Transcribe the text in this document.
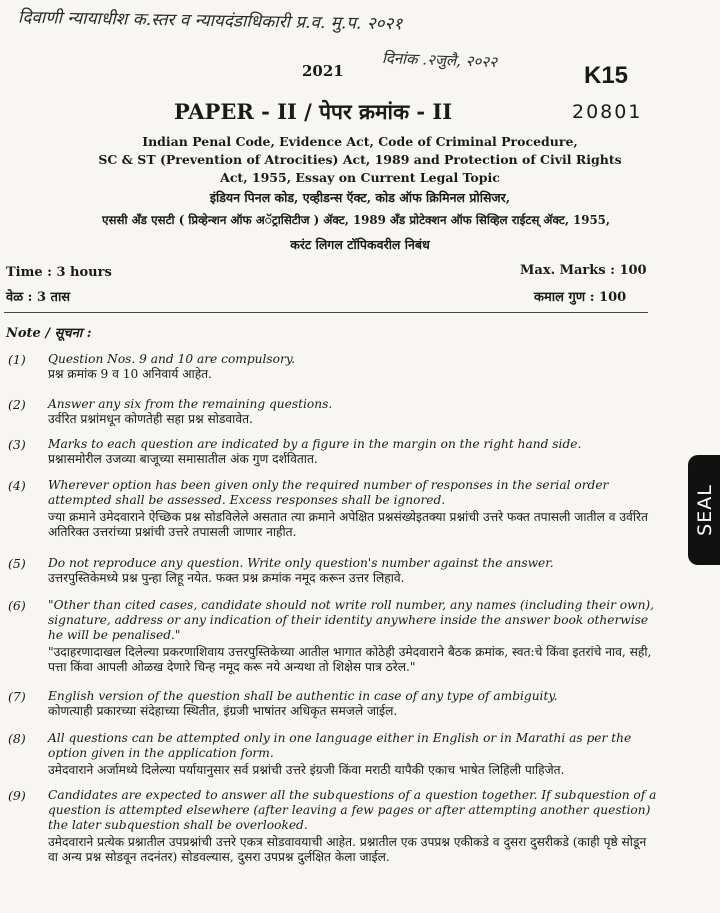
दिवाणी न्यायाधीश क.स्तर व न्यायदंडाधिकारी प्र.व. मु.प. २०२१
दिनांक .२जुलै, २०२२
2021	K15
PAPER - II / पेपर क्रमांक - II	20801
Indian Penal Code, Evidence Act, Code of Criminal Procedure,
SC & ST (Prevention of Atrocities) Act, 1989 and Protection of Civil Rights
Act, 1955, Essay on Current Legal Topic
इंडियन पिनल कोड, एव्हीडन्स ऍक्ट, कोड ऑफ क्रिमिनल प्रोसिजर,
एससी अँड एसटी ( प्रिव्हेन्शन ऑफ अॅट्रासिटीज ) ॲक्ट, 1989 अँड प्रोटेक्शन ऑफ सिव्हिल राईटस् ॲक्ट, 1955,
करंट लिगल टॉपिकवरील निबंध
Time : 3 hours
वेळ : 3 तास
Max. Marks : 100
कमाल गुण : 100
Note / सूचना :
(1) Question Nos. 9 and 10 are compulsory.
प्रश्न क्रमांक 9 व 10 अनिवार्य आहेत.
(2) Answer any six from the remaining questions.
उर्वरित प्रश्नांमधून कोणतेही सहा प्रश्न सोडवावेत.
(3) Marks to each question are indicated by a figure in the margin on the right hand side.
प्रश्नासमोरील उजव्या बाजूच्या समासातील अंक गुण दर्शवितात.
(4) Wherever option has been given only the required number of responses in the serial order attempted shall be assessed. Excess responses shall be ignored.
ज्या क्रमाने उमेदवाराने ऐच्छिक प्रश्न सोडविलेले असतात त्या क्रमाने अपेक्षित प्रश्नसंख्येइतक्या प्रश्नांची उत्तरे फक्त तपासली जातील व उर्वरित अतिरिक्त उत्तरांच्या प्रश्नांची उत्तरे तपासली जाणार नाहीत.
(5) Do not reproduce any question. Write only question's number against the answer.
उत्तरपुस्तिकेमध्ये प्रश्न पुन्हा लिहू नयेत. फक्त प्रश्न क्रमांक नमूद करून उत्तर लिहावे.
(6) "Other than cited cases, candidate should not write roll number, any names (including their own), signature, address or any indication of their identity anywhere inside the answer book otherwise he will be penalised."
"उदाहरणादाखल दिलेल्या प्रकरणाशिवाय उत्तरपुस्तिकेच्या आतील भागात कोठेही उमेदवाराने बैठक क्रमांक, स्वत:चे किंवा इतरांचे नाव, सही, पत्ता किंवा आपली ओळख देणारे चिन्ह नमूद करू नये अन्यथा तो शिक्षेस पात्र ठरेल."
(7) English version of the question shall be authentic in case of any type of ambiguity.
कोणत्याही प्रकारच्या संदेहाच्या स्थितीत, इंग्रजी भाषांतर अधिकृत समजले जाईल.
(8) All questions can be attempted only in one language either in English or in Marathi as per the option given in the application form.
उमेदवाराने अर्जामध्ये दिलेल्या पर्यायानुसार सर्व प्रश्नांची उत्तरे इंग्रजी किंवा मराठी यापैकी एकाच भाषेत लिहिली पाहिजेत.
(9) Candidates are expected to answer all the subquestions of a question together. If subquestion of a question is attempted elsewhere (after leaving a few pages or after attempting another question) the later subquestion shall be overlooked.
उमेदवाराने प्रत्येक प्रश्नातील उपप्रश्नांची उत्तरे एकत्र सोडवावयाची आहेत. प्रश्नातील एक उपप्रश्न एकीकडे व दुसरा दुसरीकडे (काही पृष्ठे सोडून वा अन्य प्रश्न सोडवून तदनंतर) सोडवल्यास, दुसरा उपप्रश्न दुर्लक्षित केला जाईल.
SEAL
